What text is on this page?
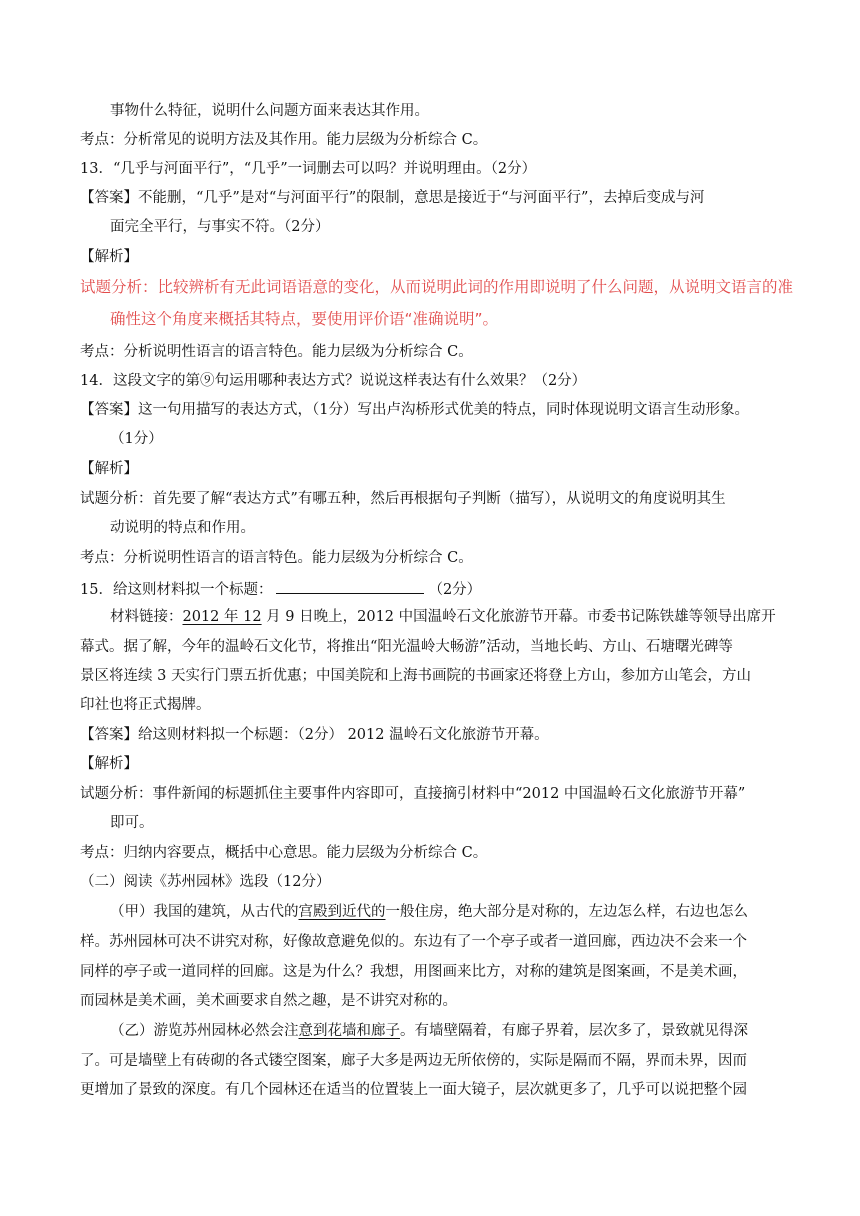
事物什么特征，说明什么问题方面来表达其作用。
考点：分析常见的说明方法及其作用。能力层级为分析综合 C。
13．“几乎与河面平行”，“几乎”一词删去可以吗？并说明理由。（2分）
【答案】不能删，“几乎”是对“与河面平行”的限制，意思是接近于“与河面平行”，去掉后变成与河
面完全平行，与事实不符。（2分）
【解析】
试题分析：比较辨析有无此词语语意的变化，从而说明此词的作用即说明了什么问题，从说明文语言的准
确性这个角度来概括其特点，要使用评价语“准确说明”。
考点：分析说明性语言的语言特色。能力层级为分析综合 C。
14．这段文字的第⑨句运用哪种表达方式？说说这样表达有什么效果？（2分）
【答案】这一句用描写的表达方式，（1分）写出卢沟桥形式优美的特点，同时体现说明文语言生动形象。
（1分）
【解析】
试题分析：首先要了解“表达方式”有哪五种，然后再根据句子判断（描写），从说明文的角度说明其生
动说明的特点和作用。
考点：分析说明性语言的语言特色。能力层级为分析综合 C。
15．给这则材料拟一个标题：	（2分）
材料链接：2012 年 12 月 9 日晚上，2012 中国温岭石文化旅游节开幕。市委书记陈铁雄等领导出席开
幕式。据了解，今年的温岭石文化节，将推出“阳光温岭大畅游”活动，当地长屿、方山、石塘曙光碑等
景区将连续 3 天实行门票五折优惠；中国美院和上海书画院的书画家还将登上方山，参加方山笔会，方山
印社也将正式揭牌。
【答案】给这则材料拟一个标题：（2分） 2012 温岭石文化旅游节开幕。
【解析】
试题分析：事件新闻的标题抓住主要事件内容即可，直接摘引材料中“2012 中国温岭石文化旅游节开幕”
即可。
考点：归纳内容要点，概括中心意思。能力层级为分析综合 C。
（二）阅读《苏州园林》选段（12分）
（甲）我国的建筑，从古代的宫殿到近代的一般住房，绝大部分是对称的，左边怎么样，右边也怎么
样。苏州园林可决不讲究对称，好像故意避免似的。东边有了一个亭子或者一道回廊，西边决不会来一个
同样的亭子或一道同样的回廊。这是为什么？我想，用图画来比方，对称的建筑是图案画，不是美术画，
而园林是美术画，美术画要求自然之趣，是不讲究对称的。
（乙）游览苏州园林必然会注意到花墙和廊子。有墙壁隔着，有廊子界着，层次多了，景致就见得深
了。可是墙壁上有砖砌的各式镂空图案，廊子大多是两边无所依傍的，实际是隔而不隔，界而未界，因而
更增加了景致的深度。有几个园林还在适当的位置装上一面大镜子，层次就更多了，几乎可以说把整个园
